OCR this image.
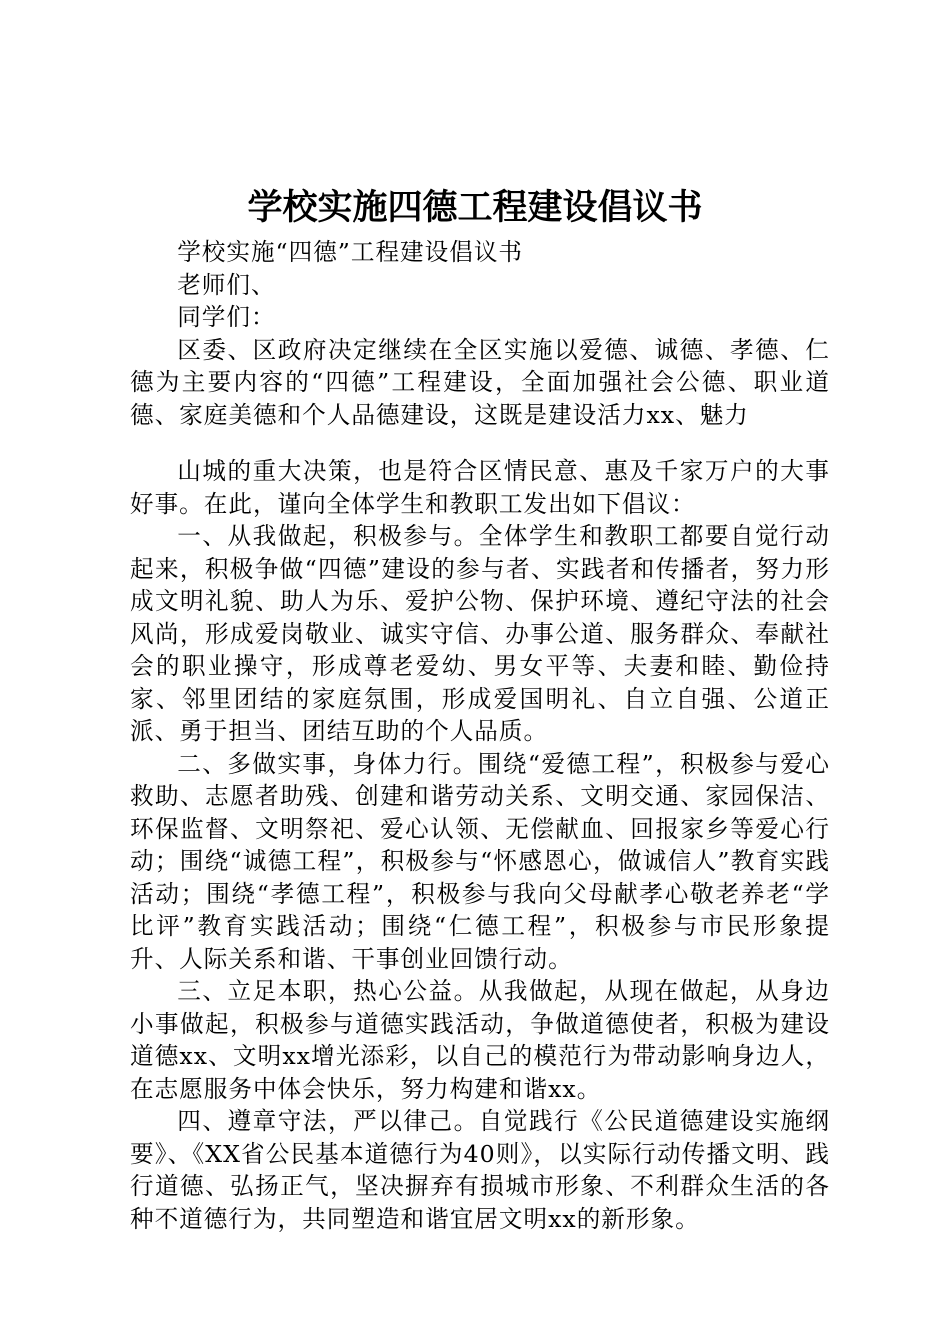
学校实施四德工程建设倡议书

学校实施“四德”工程建设倡议书

老师们、

同学们：

区委、区政府决定继续在全区实施以爱德、诚德、孝德、仁德为主要内容的“四德”工程建设，全面加强社会公德、职业道德、家庭美德和个人品德建设，这既是建设活力xx、魅力

山城的重大决策，也是符合区情民意、惠及千家万户的大事好事。在此，谨向全体学生和教职工发出如下倡议：

一、从我做起，积极参与。全体学生和教职工都要自觉行动起来，积极争做“四德”建设的参与者、实践者和传播者，努力形成文明礼貌、助人为乐、爱护公物、保护环境、遵纪守法的社会风尚，形成爱岗敬业、诚实守信、办事公道、服务群众、奉献社会的职业操守，形成尊老爱幼、男女平等、夫妻和睦、勤俭持家、邻里团结的家庭氛围，形成爱国明礼、自立自强、公道正派、勇于担当、团结互助的个人品质。

二、多做实事，身体力行。围绕“爱德工程”，积极参与爱心救助、志愿者助残、创建和谐劳动关系、文明交通、家园保洁、环保监督、文明祭祀、爱心认领、无偿献血、回报家乡等爱心行动；围绕“诚德工程”，积极参与“怀感恩心，做诚信人”教育实践活动；围绕“孝德工程”，积极参与我向父母献孝心敬老养老“学比评”教育实践活动；围绕“仁德工程”，积极参与市民形象提升、人际关系和谐、干事创业回馈行动。

三、立足本职，热心公益。从我做起，从现在做起，从身边小事做起，积极参与道德实践活动，争做道德使者，积极为建设道德xx、文明xx增光添彩，以自己的模范行为带动影响身边人，在志愿服务中体会快乐，努力构建和谐xx。

四、遵章守法，严以律己。自觉践行《公民道德建设实施纲要》、《XX省公民基本道德行为40则》，以实际行动传播文明、践行道德、弘扬正气，坚决摒弃有损城市形象、不利群众生活的各种不道德行为，共同塑造和谐宜居文明xx的新形象。
